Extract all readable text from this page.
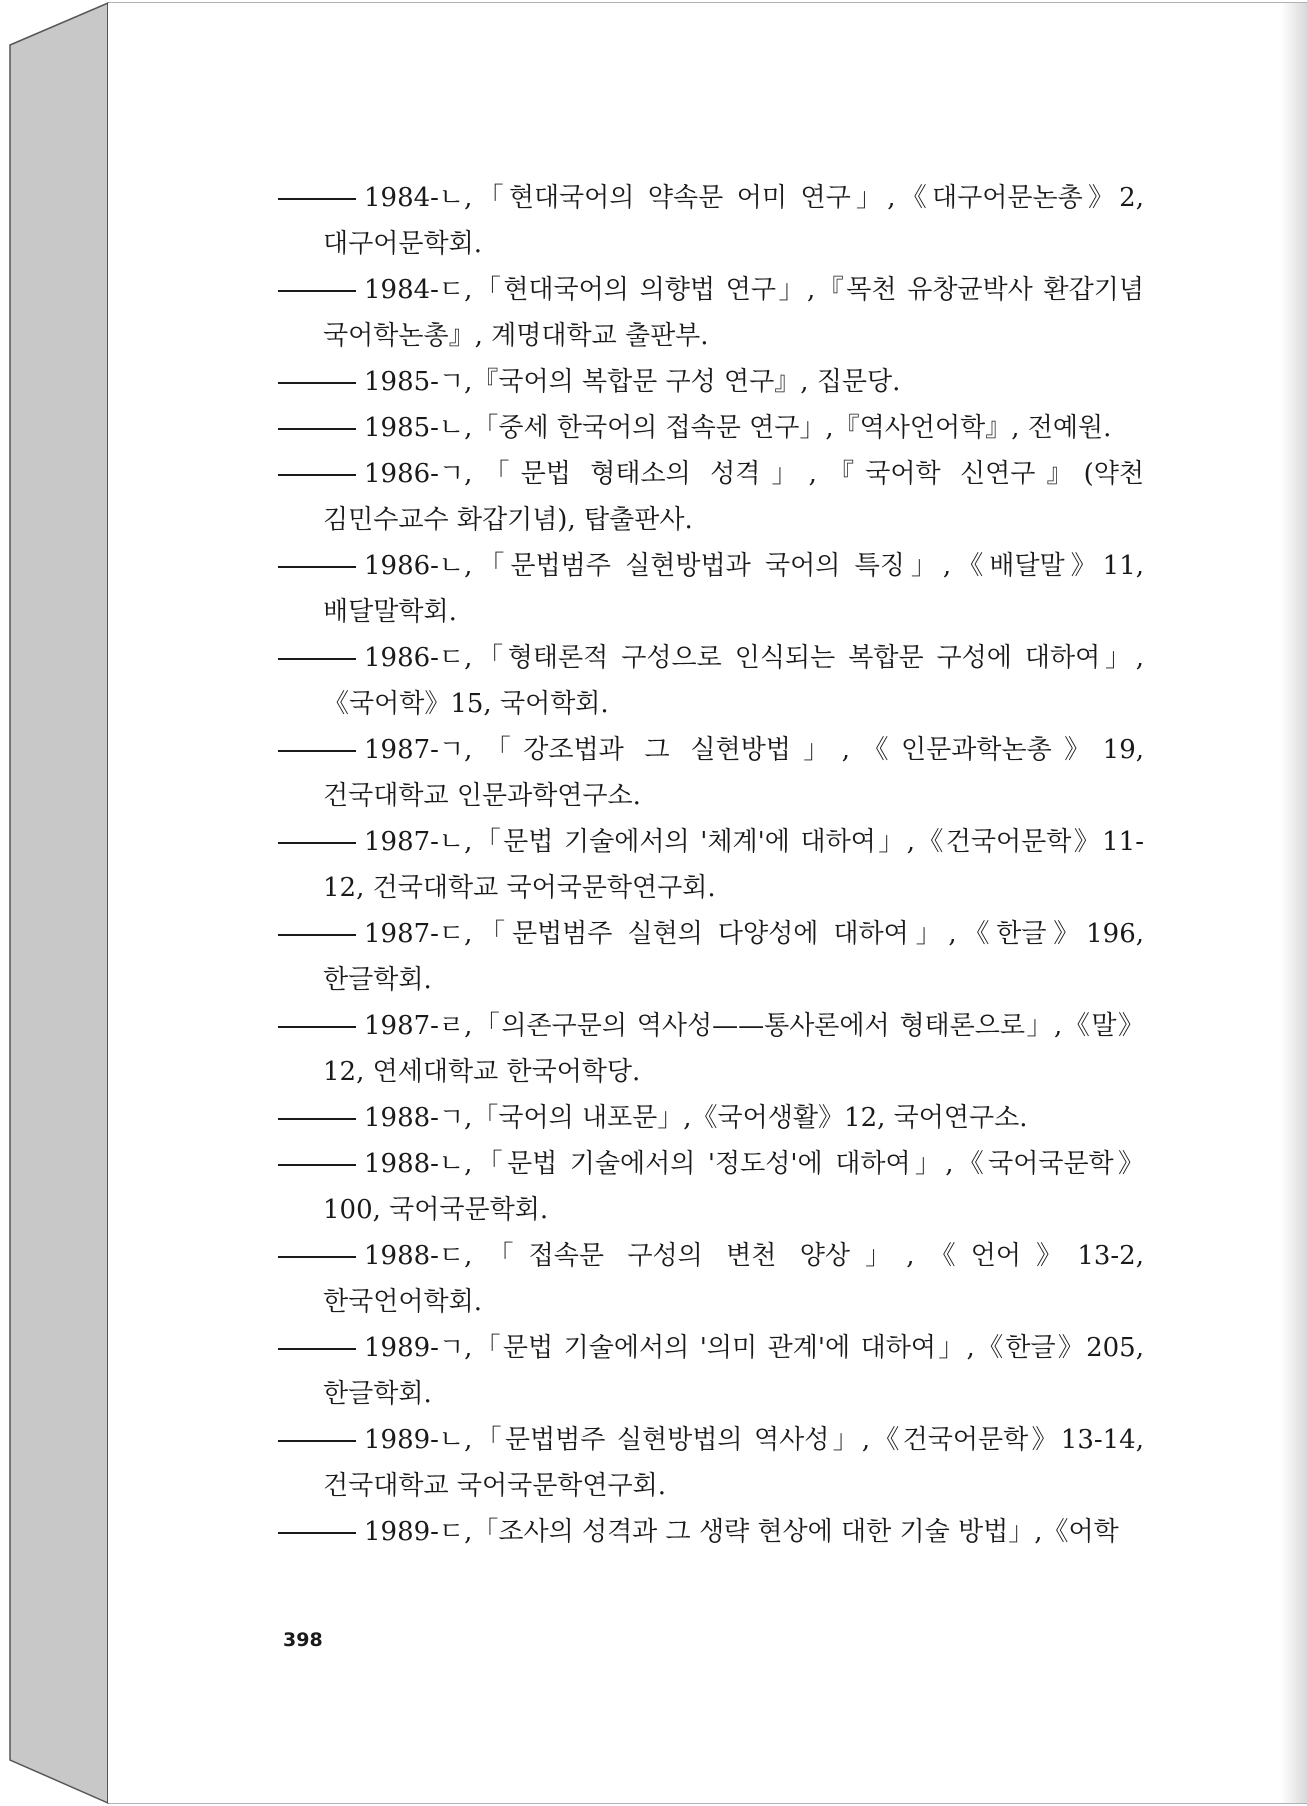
1984-ㄴ,「현대국어의 약속문 어미 연구」,《대구어문논총》2, 대구어문학회.
1984-ㄷ,「현대국어의 의향법 연구」,『목천 유창균박사 환갑기념 국어학논총』, 계명대학교 출판부.
1985-ㄱ,『국어의 복합문 구성 연구』, 집문당.
1985-ㄴ,「중세 한국어의 접속문 연구」,『역사언어학』, 전예원.
1986-ㄱ,「문법 형태소의 성격」,『국어학 신연구』(약천 김민수교수 화갑기념), 탑출판사.
1986-ㄴ,「문법범주 실현방법과 국어의 특징」,《배달말》11,배달말학회.
1986-ㄷ,「형태론적 구성으로 인식되는 복합문 구성에 대하여」,《국어학》15, 국어학회.
1987-ㄱ,「강조법과 그 실현방법」,《인문과학논총》19, 건국대학교 인문과학연구소.
1987-ㄴ,「문법 기술에서의 '체계'에 대하여」,《건국어문학》11-12, 건국대학교 국어국문학연구회.
1987-ㄷ,「문법범주 실현의 다양성에 대하여」,《한글》196, 한글학회.
1987-ㄹ,「의존구문의 역사성——통사론에서 형태론으로」,《말》12, 연세대학교 한국어학당.
1988-ㄱ,「국어의 내포문」,《국어생활》12, 국어연구소.
1988-ㄴ,「문법 기술에서의 '정도성'에 대하여」,《국어국문학》100, 국어국문학회.
1988-ㄷ,「접속문 구성의 변천 양상」,《언어》13-2, 한국언어학회.
1989-ㄱ,「문법 기술에서의 '의미 관계'에 대하여」,《한글》205, 한글학회.
1989-ㄴ,「문법범주 실현방법의 역사성」,《건국어문학》13-14, 건국대학교 국어국문학연구회.
1989-ㄷ,「조사의 성격과 그 생략 현상에 대한 기술 방법」,《어학
398
